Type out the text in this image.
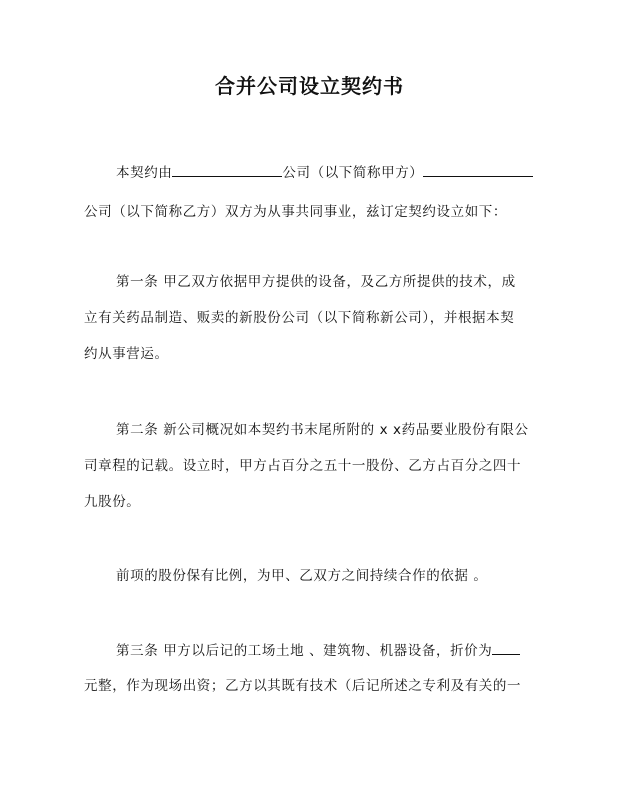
合并公司设立契约书
本契约由	公司（以下简称甲方）
公司（以下简称乙方）双方为从事共同事业，兹订定契约设立如下：
第一条 甲乙双方依据甲方提供的设备，及乙方所提供的技术，成
立有关药品制造、贩卖的新股份公司（以下简称新公司），并根据本契
约从事营运。
第二条 新公司概况如本契约书末尾所附的 x x药品要业股份有限公
司章程的记载。设立时，甲方占百分之五十一股份、乙方占百分之四十
九股份。
前项的股份保有比例，为甲、乙双方之间持续合作的依据 。
第三条 甲方以后记的工场土地 、建筑物、机器设备，折价为
元整，作为现场出资；乙方以其既有技术（后记所述之专利及有关的一
